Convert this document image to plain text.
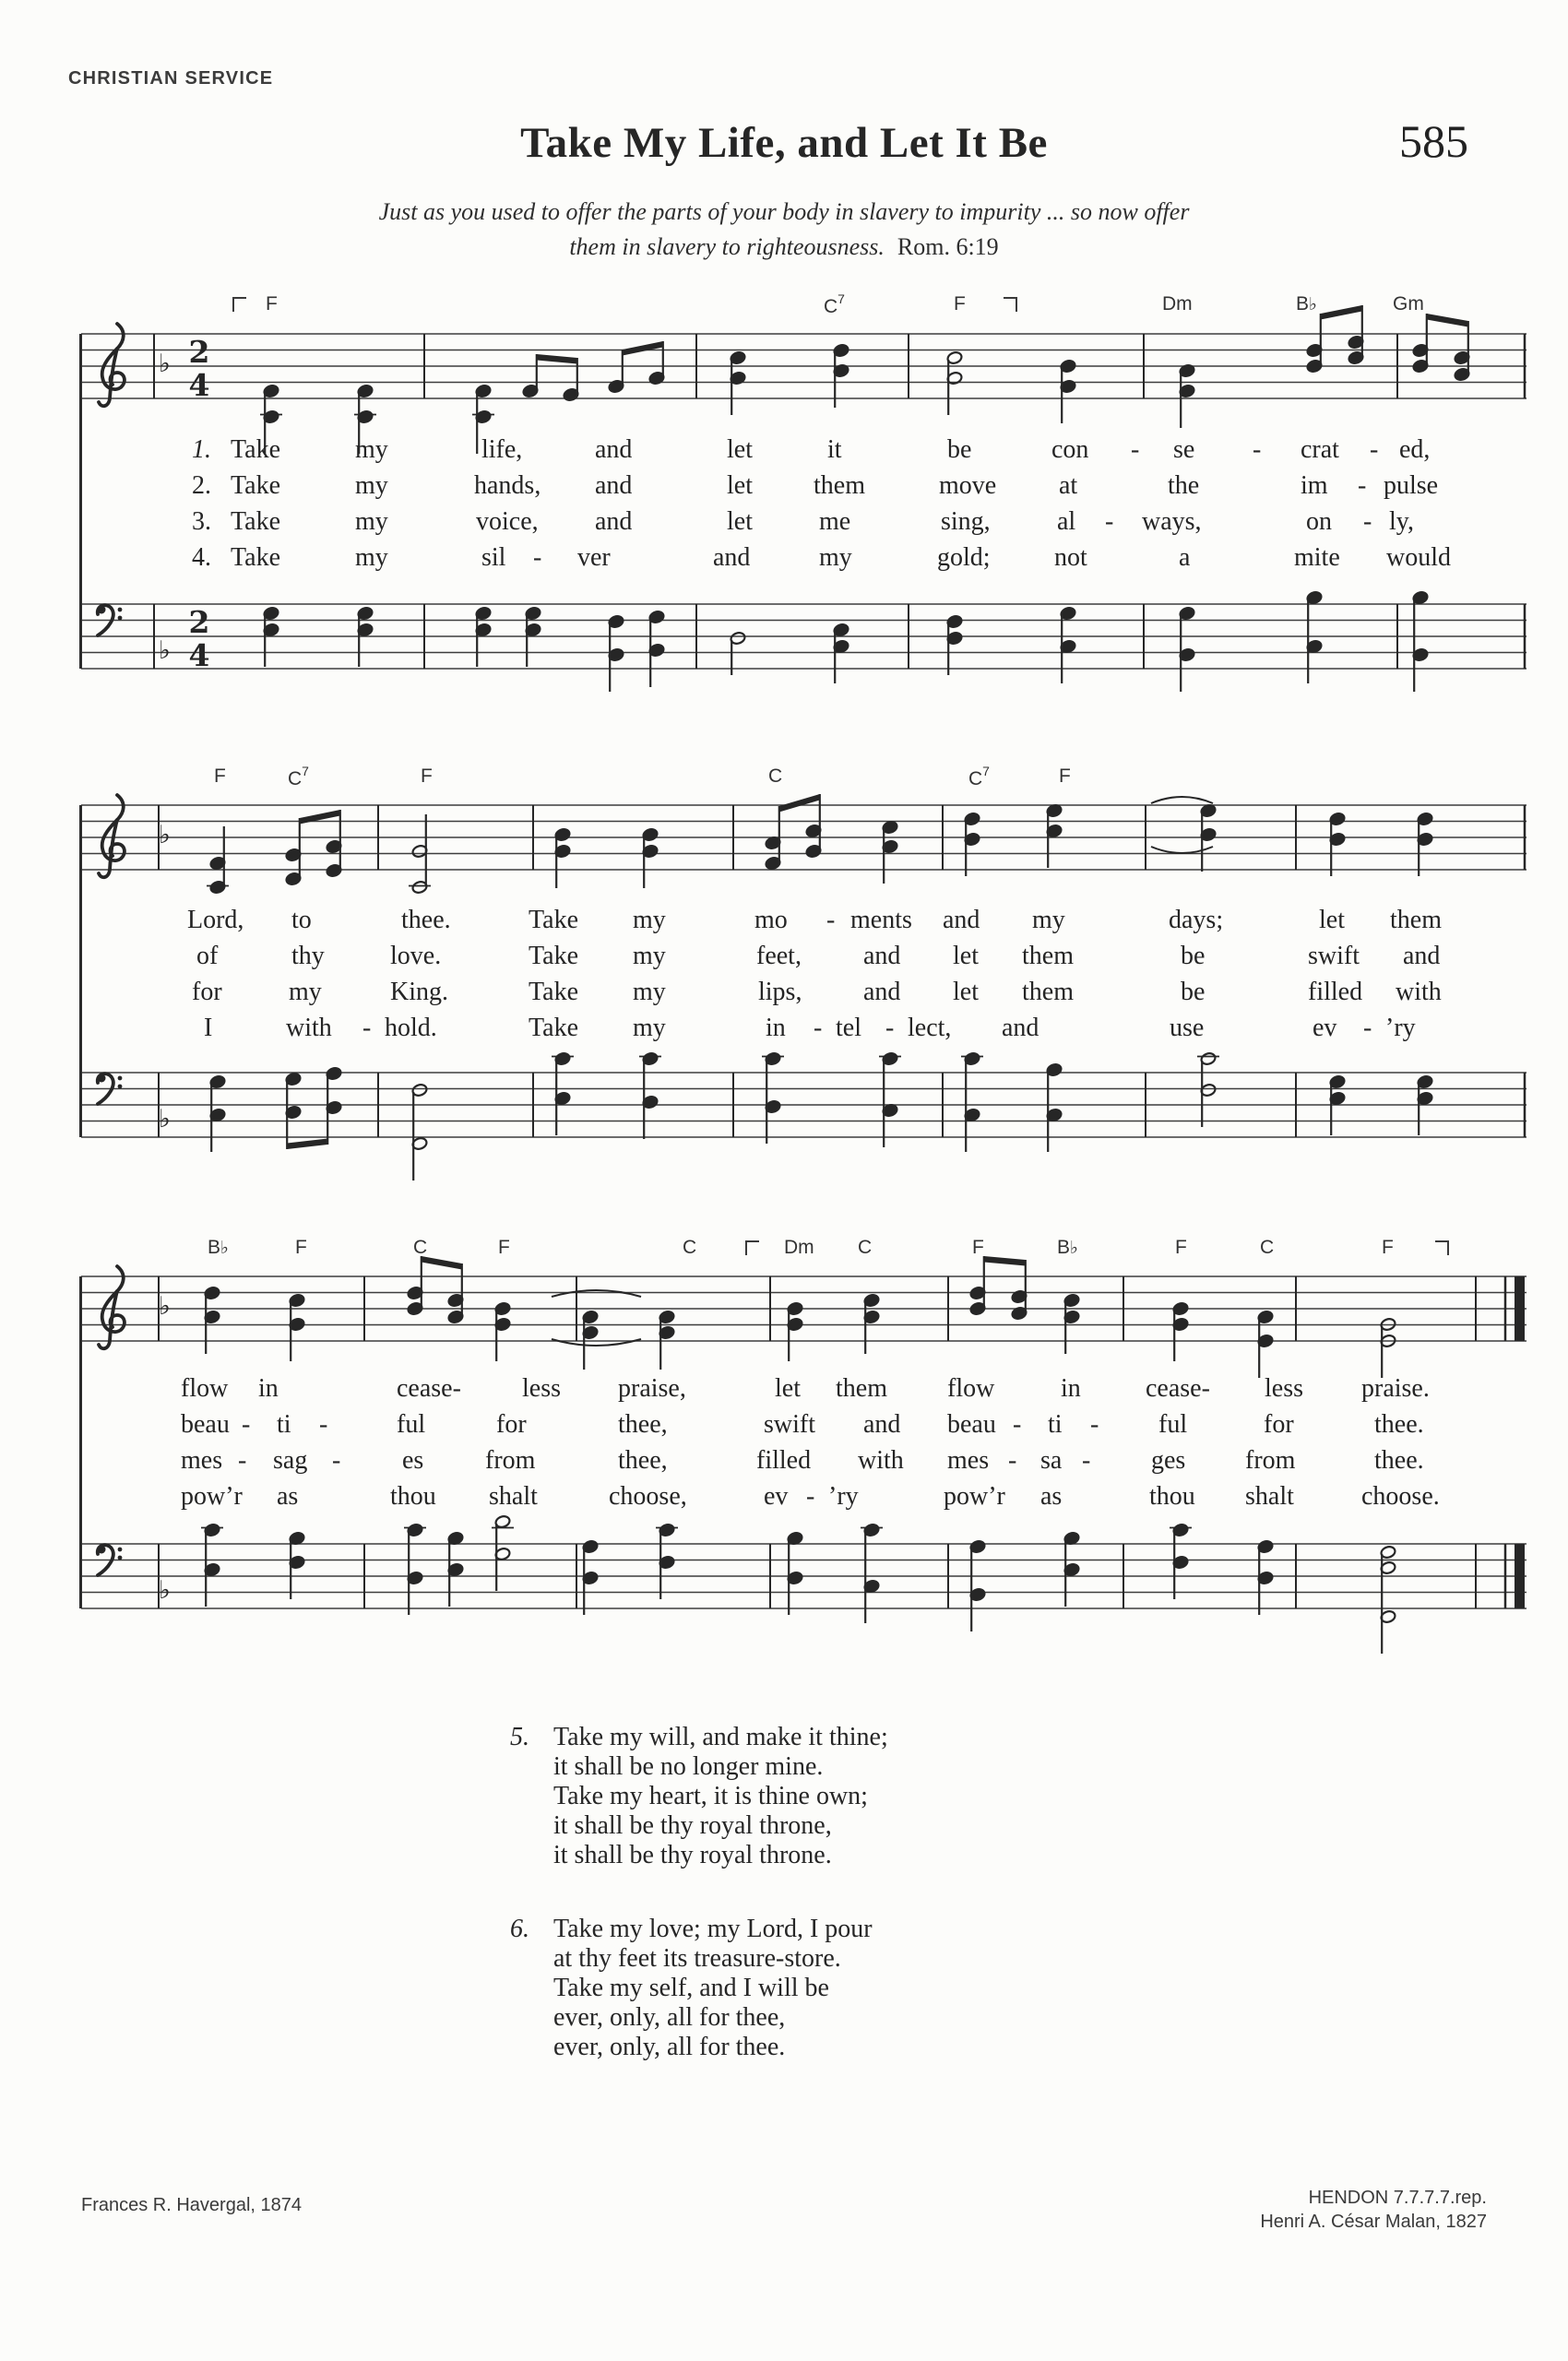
CHRISTIAN SERVICE
Take My Life, and Let It Be	585
Just as you used to offer the parts of your body in slavery to impurity ... so now offer
them in slavery to righteousness. Rom. 6:19
♭ 2
4
♭
2
4
♭
♭
♭
♭
F	$C^7$	F	Dm	B♭	Gm
F	$C^7$	F	C	$C^7$	F
B♭	F	C	F	C	Dm C	F	B♭	F	C	F
1. Take	my	life,	and	let	it	be	con - se - crat - ed,
2. Take	my	hands, and	let them	move at	the	im - pulse
3. Take	my	voice, and	let	me	sing,	al - ways,	on - ly,
4. Take	my	sil - ver	and	my	gold; not	a	mite would
Lord, to	thee.	Take my	mo - ments and my	days;	let them
of	thy	love.	Take my	feet, and let them	be	swift and
for	my	King.	Take my	lips, and let them	be	filled with
I	with - hold.	Take my	in - tel - lect, and	use	ev - ’ry
flow in	cease- less praise,	let them flow	in	cease- less praise.
beau - ti -	ful	for	thee,	swift and beau - ti - ful	for	thee.
mes - sag - es from	thee,	filled with mes - sa - ges from	thee.
pow’r as	thou shalt	choose,	ev - ’ry	pow’r as	thou shalt	choose.
5. Take my will, and make it thine;
it shall be no longer mine.
Take my heart, it is thine own;
it shall be thy royal throne,
it shall be thy royal throne.
6. Take my love; my Lord, I pour
at thy feet its treasure-store.
Take my self, and I will be
ever, only, all for thee,
ever, only, all for thee.
Frances R. Havergal, 1874	HENDON 7.7.7.7.rep.
Henri A. César Malan, 1827
